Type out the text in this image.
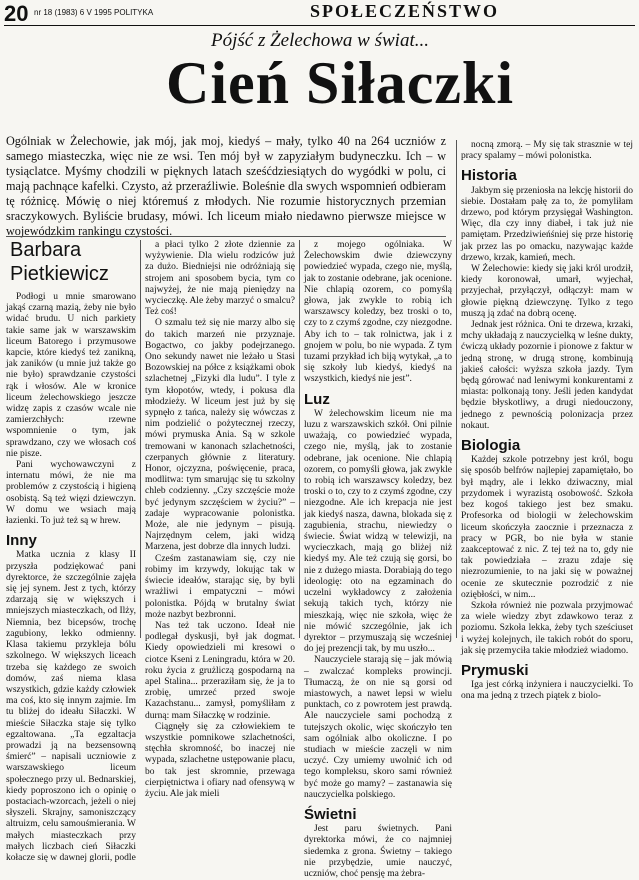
20 nr 18 (1983) 6 V 1995 POLITYKA	SPOŁECZEŃSTWO
Pójść z Żelechowa w świat...
Cień Siłaczki
Ogólniak w Żelechowie, jak mój, jak moj, kiedyś – mały, tylko 40 na 264 uczniów z samego miasteczka, więc nie ze wsi. Ten mój był w zapyziałym budyneczku. Ich – w tysiąclatce. Myśmy chodzili w pięknych latach sześćdziesiątych do wygódki w polu, ci mają pachnące kafelki. Czysto, aż przeraźliwie. Boleśnie dla swych wspomnień odbieram tę różnicę. Mówię o niej któremuś z młodych. Nie rozumie historycznych przemian sraczykowych. Byliście brudasy, mówi. Ich liceum miało niedawno pierwsze miejsce w wojewódzkim rankingu czystości.
Barbara Pietkiewicz

Podłogi u mnie smarowano jakąś czarną mazią, żeby nie było widać brudu. U nich parkiety takie same jak w warszawskim liceum Batorego i przymusowe kapcie, które kiedyś też zanikną, jak zaników (u mnie już także go nie było) sprawdzanie czystości rąk i włosów. Ale w kronice liceum żelechowskiego jeszcze widzę zapis z czasów wcale nie zamierzchłych: rzewne wspomnienie o tym, jak sprawdzano, czy we włosach coś nie pisze.

Pani wychowawczyni z internatu mówi, że nie ma problemów z czystością i higieną osobistą. Są też więzi dziewczyn. W domu we wsiach mają łazienki. To już też są w hrew.

Inny

Matka ucznia z klasy II przyszła podziękować pani dyrektorce, że szczególnie zajęła się jej synem. Jest z tych, którzy zdarzają się w większych i mniejszych miasteczkach, od Ilży, Niemnia, bez bicepsów, trochę zagubiony, lekko odmienny. Klasa takiemu przykleja bólu szkolnego. W większych liceach trzeba się każdego ze swoich domów, zaś niema klasa wszystkich, gdzie każdy człowiek ma coś, kto się innym zajmie. Im tu bliżej do ideału Siłaczki. W mieście Siłaczka staje się tylko egzaltowana. „Ta egzaltacja prowadzi ją na bezsensowną śmierć” – napisali uczniowie z warszawskiego liceum społecznego przy ul. Bednarskiej, kiedy poproszono ich o opinię o postaciach-wzorcach, jeżeli o niej słyszeli. Skrajny, samoniszczący altruizm, celu samouśmierania. W małych miasteczkach przy małych liczbach cień Siłaczki kołacze się w dawnej glorii, podle

a płaci tylko 2 złote dziennie za wyżywienie. Dla wielu rodziców już za dużo. Biedniejsi nie odróżniają się strojem ani sposobem bycia, tym co najwyżej, że nie mają pieniędzy na wycieczkę. Ale żeby marzyć o smalcu? Też coś!

O szmalu też się nie marzy albo się do takich marzeń nie przyznaje. Bogactwo, co jakby podejrzanego. Ono sekundy nawet nie leżało u Stasi Bozowskiej na półce z książkami obok szlachetnej „Fizyki dla ludu”. I tyle z tym kłopotów, wtedy, i pokusa dla młodzieży. W liceum jest już by się sypnęło z tańca, należy się wówczas z nim podzielić o pożytecznej rzeczy, mówi prymuska Ania. Są w szkole tremowani w kanonach szlachetności, czerpanych głównie z literatury. Honor, ojczyzna, poświęcenie, praca, modlitwa: tym smarując się tu szkolny chleb codzienny. „Czy szczęście może być jedynym szczęściem w życiu?” – zadaje wypracowanie polonistka. Może, ale nie jedynym – pisują. Najrzędnym celem, jaki widzą Marzena, jest dobrze dla innych ludzi.

Cześm zastanawiam się, czy nie robimy im krzywdy, lokując tak w świecie ideałów, starając się, by byli wrażliwi i empatyczni – mówi polonistka. Pójdą w brutalny świat może nazbyt bezbronni.

Nas też tak uczono. Ideał nie podlegał dyskusji, był jak dogmat. Kiedy opowiedzieli mi kresowi o ciotce Kseni z Leningradu, która w 20. roku życia z grużliczą gospodarną na apel Stalina... przeraziłam się, że ja to zrobię, umrzeć przed swoje Kazachstanu... zamysł, pomyśliłam z durną: mam Siłaczkę w rodzinie.

Ciągnęły się za człowiekiem te wszystkie pomnikowe szlachetności, stęchła skromność, bo inaczej nie wypada, szlachetne ustępowanie placu, bo tak jest skromnie, przewaga cierpiętnictwa i ofiary nad ofensywą w życiu. Ale jak mieli

z mojego ogólniaka. W Żelechowskim dwie dziewczyny powiedzieć wypada, czego nie, myślą, jak to zostanie odebrane, jak ocenione. Nie chlapią ozorem, co pomyślą głowa, jak zwykle to robią ich warszawscy koledzy, bez troski o to, czy to z czymś zgodne, czy niezgodne. Aby ich to – tak rolnictwa, jak i z gnojem w polu, bo nie wypada. Z tym tuzami przykład ich biją wytykał, „a to się szkoły lub kiedyś, kiedyś na wszystkich, kiedyś nie jest”.

Luz

W żelechowskim liceum nie ma luzu z warszawskich szkół. Oni pilnie uważają, co powiedzieć wypada, czego nie, myślą, jak to zostanie odebrane, jak ocenione. Nie chlapią ozorem, co pomyśli głowa, jak zwykle to robią ich warszawscy koledzy, bez troski o to, czy to z czymś zgodne, czy niezgodne. Ale ich krepacja nie jest jak kiedyś nasza, dawna, blokada się z zagubienia, strachu, niewiedzy o świecie. Świat widzą w telewizji, na wycieczkach, mają go bliżej niż kiedyś my. Ale też czują się gorsi, bo nie z dużego miasta. Dorabiają do tego ideologię: oto na egzaminach do uczelni wykładowcy z założenia sekują takich tych, którzy nie mieszkają, więc nie szkoła, więc że nie mówić szczególnie, jak ich dyrektor – przymuszają się wcześniej do jej prezencji tak, by mu uszło...

Nauczyciele starają się – jak mówią – zwalczać kompleks prowincji. Tłumaczą, że on nie są gorsi od miastowych, a nawet lepsi w wielu punktach, co z powrotem jest prawdą. Ale nauczyciele sami pochodzą z tutejszych okolic, więc skończyło ten sam ogólniak albo okoliczne. I po studiach w mieście zaczęli w nim uczyć. Czy umiemy uwolnić ich od tego kompleksu, skoro sami również być może go mamy? – zastanawia się nauczycielka polskiego.

Świetni

Jest paru świetnych. Pani dyrektorka mówi, że co najmniej siedemka z grona. Świetny – takiego nie przybędzie, umie nauczyć, uczniów, choć pensję ma żebra-

nocną zmorą. – My się tak strasznie w tej pracy spalamy – mówi polonistka.

Historia

Jakbym się przeniosła na lekcję historii do siebie. Dostałam pałę za to, że pomyliłam drzewo, pod którym przysięgał Washington. Więc, dla czy inny diabeł, i tak już nie pamiętam. Przedziwieńśniej się prze historię jak przez las po omacku, nazywając każde drzewo, krzak, kamień, mech.

W Żelechowie: kiedy się jaki król urodził, kiedy koronował, umarł, wyjechał, przyjechał, przyłączył, odłączył: mam w głowie piękną dziewczynę. Tylko z tego muszą ją zdać na dobrą ocenę.

Jednak jest różnica. Oni te drzewa, krzaki, mchy układają z nauczycielką w leśne dukty, ćwiczą układy pozornie i pionowe z faktur w jedną stronę, w drugą stronę, kombinują jakieś całości: wyższa szkoła jazdy. Tym będą górować nad leniwymi konkurentami z miasta: polkonają tony. Jeśli jeden kandydat będzie błyskotliwy, a drugi niedouczony, jednego z pewnością polonizacja przez nokaut.

Biologia

Każdej szkole potrzebny jest król, bogu się sposób belfrów najlepiej zapamiętało, bo był mądry, ale i lekko dziwaczny, mial przydomek i wyrazistą osobowość. Szkoła bez kogoś takiego jest bez smaku. Profesorka od biologii w żelechowskim liceum skończyła zaocznie i przeznacza z pracy w PGR, bo nie była w stanie zaakceptować z nic. Z tej też na to, gdy nie tak powiedziała – zrazu zdaje się niezrozumienie, to na jaki się w poważnej ocenie ze skutecznie pozrodzić z nie oziębłości, w nim...

Szkoła również nie pozwala przyjmować za wiele wiedzy zbyt zdawkowo teraz z poziomu. Szkoła lekka, żeby tych sześciuset i wyżej kolejnych, ile takich robót do sporu, jak się przemyciła takie młodzież wiadomo.

Prymuski

Iga jest córką inżyniera i nauczycielki. To ona ma jedną z trzech piątek z biolo-
